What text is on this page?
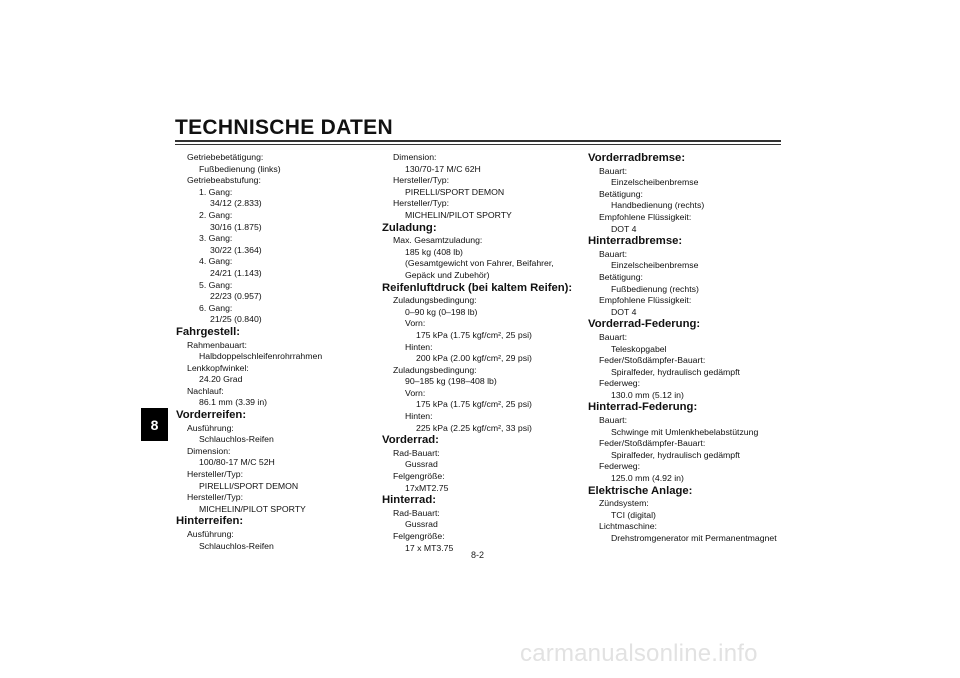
TECHNISCHE DATEN
8
Getriebebetätigung:
Fußbedienung (links)
Getriebeabstufung:
1. Gang:
34/12 (2.833)
2. Gang:
30/16 (1.875)
3. Gang:
30/22 (1.364)
4. Gang:
24/21 (1.143)
5. Gang:
22/23 (0.957)
6. Gang:
21/25 (0.840)
Fahrgestell:
Rahmenbauart:
Halbdoppelschleifenrohrrahmen
Lenkkopfwinkel:
24.20 Grad
Nachlauf:
86.1 mm (3.39 in)
Vorderreifen:
Ausführung:
Schlauchlos-Reifen
Dimension:
100/80-17 M/C 52H
Hersteller/Typ:
PIRELLI/SPORT DEMON
Hersteller/Typ:
MICHELIN/PILOT SPORTY
Hinterreifen:
Ausführung:
Schlauchlos-Reifen
Dimension:
130/70-17 M/C 62H
Hersteller/Typ:
PIRELLI/SPORT DEMON
Hersteller/Typ:
MICHELIN/PILOT SPORTY
Zuladung:
Max. Gesamtzuladung:
185 kg (408 lb)
(Gesamtgewicht von Fahrer, Beifahrer,
Gepäck und Zubehör)
Reifenluftdruck (bei kaltem Reifen):
Zuladungsbedingung:
0–90 kg (0–198 lb)
Vorn:
175 kPa (1.75 kgf/cm², 25 psi)
Hinten:
200 kPa (2.00 kgf/cm², 29 psi)
Zuladungsbedingung:
90–185 kg (198–408 lb)
Vorn:
175 kPa (1.75 kgf/cm², 25 psi)
Hinten:
225 kPa (2.25 kgf/cm², 33 psi)
Vorderrad:
Rad-Bauart:
Gussrad
Felgengröße:
17xMT2.75
Hinterrad:
Rad-Bauart:
Gussrad
Felgengröße:
17 x MT3.75
Vorderradbremse:
Bauart:
Einzelscheibenbremse
Betätigung:
Handbedienung (rechts)
Empfohlene Flüssigkeit:
DOT 4
Hinterradbremse:
Bauart:
Einzelscheibenbremse
Betätigung:
Fußbedienung (rechts)
Empfohlene Flüssigkeit:
DOT 4
Vorderrad-Federung:
Bauart:
Teleskopgabel
Feder/Stoßdämpfer-Bauart:
Spiralfeder, hydraulisch gedämpft
Federweg:
130.0 mm (5.12 in)
Hinterrad-Federung:
Bauart:
Schwinge mit Umlenkhebelabstützung
Feder/Stoßdämpfer-Bauart:
Spiralfeder, hydraulisch gedämpft
Federweg:
125.0 mm (4.92 in)
Elektrische Anlage:
Zündsystem:
TCI (digital)
Lichtmaschine:
Drehstromgenerator mit Permanentmagnet
8-2
carmanualsonline.info
